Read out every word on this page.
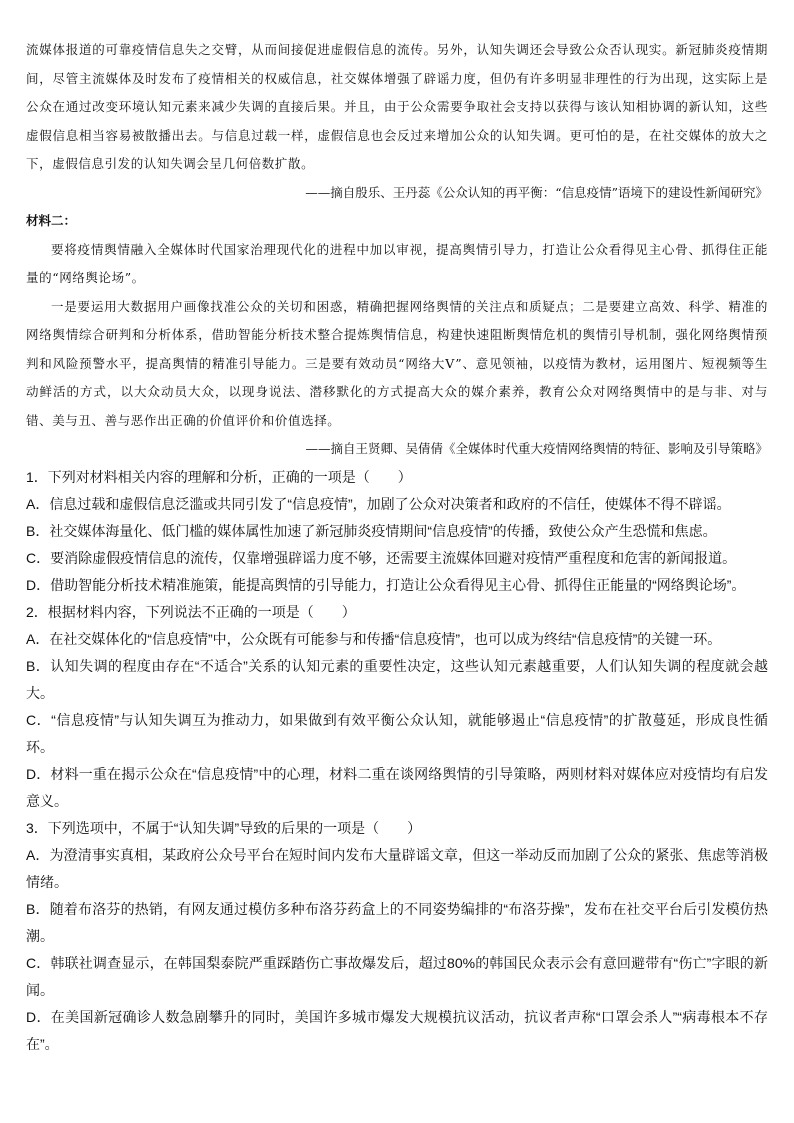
流媒体报道的可靠疫情信息失之交臂，从而间接促进虚假信息的流传。另外，认知失调还会导致公众否认现实。新冠肺炎疫情期间，尽管主流媒体及时发布了疫情相关的权威信息，社交媒体增强了辟谣力度，但仍有许多明显非理性的行为出现，这实际上是公众在通过改变环境认知元素来减少失调的直接后果。并且，由于公众需要争取社会支持以获得与该认知相协调的新认知，这些虚假信息相当容易被散播出去。与信息过载一样，虚假信息也会反过来增加公众的认知失调。更可怕的是，在社交媒体的放大之下，虚假信息引发的认知失调会呈几何倍数扩散。

——摘自殷乐、王丹蕊《公众认知的再平衡：“信息疫情”语境下的建设性新闻研究》

材料二：

要将疫情舆情融入全媒体时代国家治理现代化的进程中加以审视，提高舆情引导力，打造让公众看得见主心骨、抓得住正能量的“网络舆论场”。

一是要运用大数据用户画像找准公众的关切和困惑，精确把握网络舆情的关注点和质疑点；二是要建立高效、科学、精准的网络舆情综合研判和分析体系，借助智能分析技术整合提炼舆情信息，构建快速阻断舆情危机的舆情引导机制，强化网络舆情预判和风险预警水平，提高舆情的精准引导能力。三是要有效动员“网络大V”、意见领袖，以疫情为教材，运用图片、短视频等生动鲜活的方式，以大众动员大众，以现身说法、潜移默化的方式提高大众的媒介素养，教育公众对网络舆情中的是与非、对与错、美与丑、善与恶作出正确的价值评价和价值选择。

——摘自王贤卿、吴倩倩《全媒体时代重大疫情网络舆情的特征、影响及引导策略》

1．下列对材料相关内容的理解和分析，正确的一项是（　　）

A．信息过载和虚假信息泛滥或共同引发了“信息疫情”，加剧了公众对决策者和政府的不信任，使媒体不得不辟谣。

B．社交媒体海量化、低门槛的媒体属性加速了新冠肺炎疫情期间“信息疫情”的传播，致使公众产生恐慌和焦虑。

C．要消除虚假疫情信息的流传，仅靠增强辟谣力度不够，还需要主流媒体回避对疫情严重程度和危害的新闻报道。

D．借助智能分析技术精准施策，能提高舆情的引导能力，打造让公众看得见主心骨、抓得住正能量的“网络舆论场”。

2．根据材料内容，下列说法不正确的一项是（　　）

A．在社交媒体化的“信息疫情”中，公众既有可能参与和传播“信息疫情”，也可以成为终结“信息疫情”的关键一环。

B．认知失调的程度由存在“不适合”关系的认知元素的重要性决定，这些认知元素越重要，人们认知失调的程度就会越大。

C．“信息疫情”与认知失调互为推动力，如果做到有效平衡公众认知，就能够遏止“信息疫情”的扩散蔓延，形成良性循环。

D．材料一重在揭示公众在“信息疫情”中的心理，材料二重在谈网络舆情的引导策略，两则材料对媒体应对疫情均有启发意义。

3．下列选项中，不属于“认知失调”导致的后果的一项是（　　）

A．为澄清事实真相，某政府公众号平台在短时间内发布大量辟谣文章，但这一举动反而加剧了公众的紧张、焦虑等消极情绪。

B．随着布洛芬的热销，有网友通过模仿多种布洛芬药盒上的不同姿势编排的“布洛芬操”，发布在社交平台后引发模仿热潮。

C．韩联社调查显示，在韩国梨泰院严重踩踏伤亡事故爆发后，超过80%的韩国民众表示会有意回避带有“伤亡”字眼的新闻。

D．在美国新冠确诊人数急剧攀升的同时，美国许多城市爆发大规模抗议活动，抗议者声称“口罩会杀人”“病毒根本不存在”。
